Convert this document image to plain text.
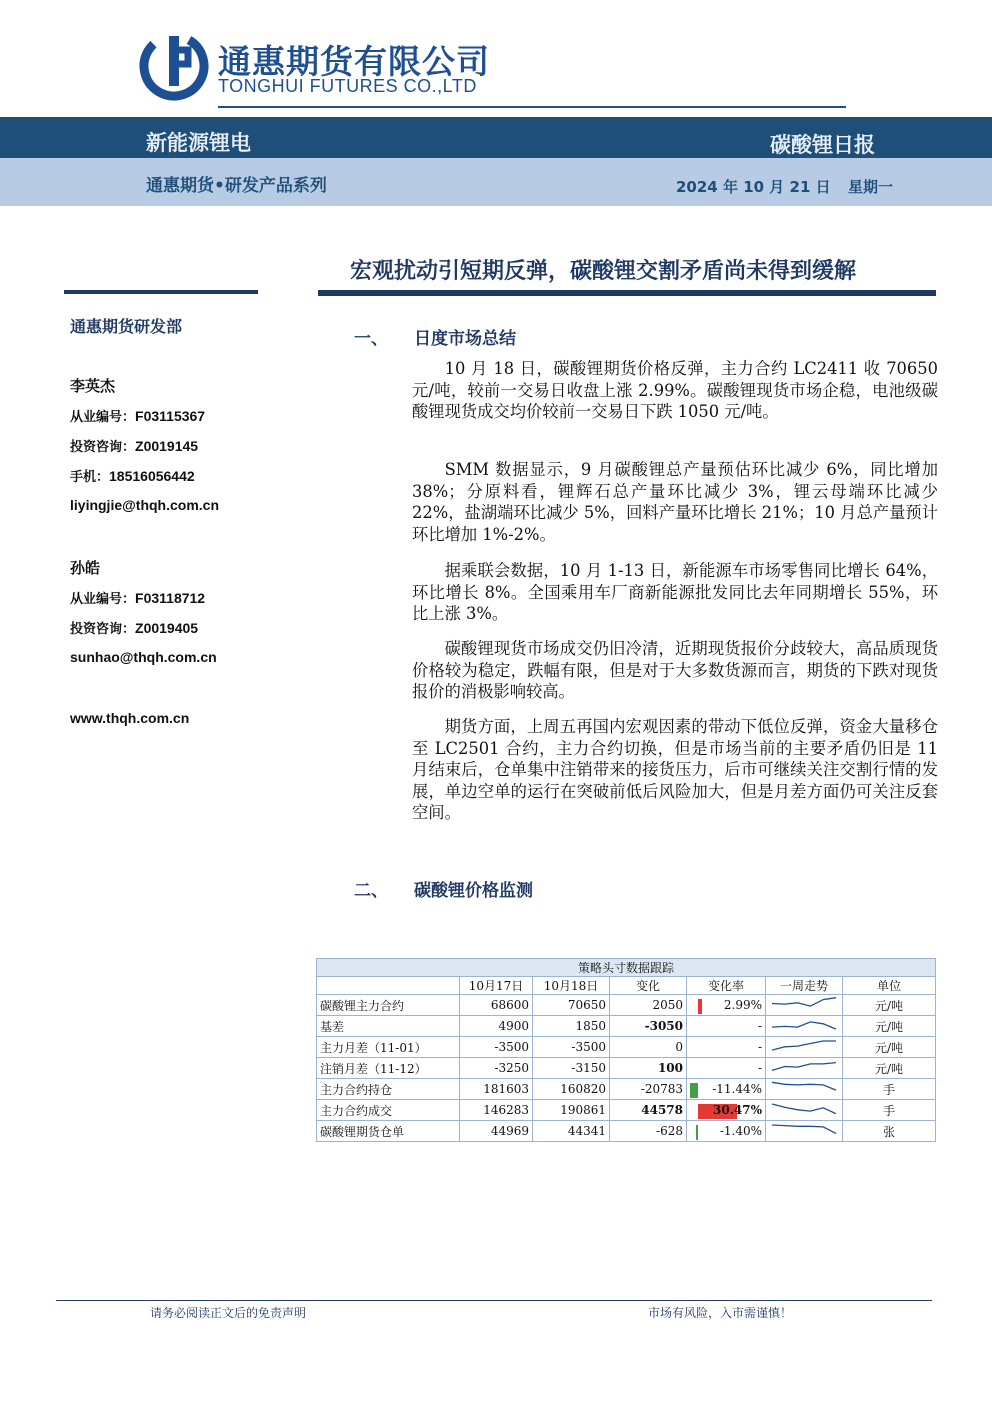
通惠期货有限公司
TONGHUI FUTURES CO.,LTD
新能源锂电	碳酸锂日报
通惠期货•研发产品系列	2024 年 10 月 21 日 星期一
宏观扰动引短期反弹，碳酸锂交割矛盾尚未得到缓解
通惠期货研发部
李英杰
从业编号：F03115367
投资咨询：Z0019145
手机：18516056442
liyingjie@thqh.com.cn
孙皓
从业编号：F03118712
投资咨询：Z0019405
sunhao@thqh.com.cn
www.thqh.com.cn
一、 日度市场总结
10 月 18 日，碳酸锂期货价格反弹，主力合约 LC2411 收 70650 元/吨，较前一交易日收盘上涨 2.99%。碳酸锂现货市场企稳，电池级碳酸锂现货成交均价较前一交易日下跌 1050 元/吨。
SMM 数据显示，9 月碳酸锂总产量预估环比减少 6%，同比增加 38%；分原料看，锂辉石总产量环比减少 3%，锂云母端环比减少 22%，盐湖端环比减少 5%，回料产量环比增长 21%；10 月总产量预计环比增加 1%-2%。
据乘联会数据，10 月 1-13 日，新能源车市场零售同比增长 64%，环比增长 8%。全国乘用车厂商新能源批发同比去年同期增长 55%，环比上涨 3%。
碳酸锂现货市场成交仍旧冷清，近期现货报价分歧较大，高品质现货价格较为稳定，跌幅有限，但是对于大多数货源而言，期货的下跌对现货报价的消极影响较高。
期货方面，上周五再国内宏观因素的带动下低位反弹，资金大量移仓至 LC2501 合约，主力合约切换，但是市场当前的主要矛盾仍旧是 11 月结束后，仓单集中注销带来的接货压力，后市可继续关注交割行情的发展，单边空单的运行在突破前低后风险加大，但是月差方面仍可关注反套空间。
二、 碳酸锂价格监测
策略头寸数据跟踪						
	10月17日	10月18日	变化	变化率	一周走势	单位
碳酸锂主力合约	68600	70650	2050	2.99%		元/吨
基差	4900	1850	-3050	-		元/吨
主力月差（11-01）	-3500	-3500	0	-		元/吨
注销月差（11-12）	-3250	-3150	100	-		元/吨
主力合约持仓	181603	160820	-20783	-11.44%		手
主力合约成交	146283	190861	44578	30.47%		手
碳酸锂期货仓单	44969	44341	-628	-1.40%		张
请务必阅读正文后的免责声明	市场有风险，入市需谨慎！
